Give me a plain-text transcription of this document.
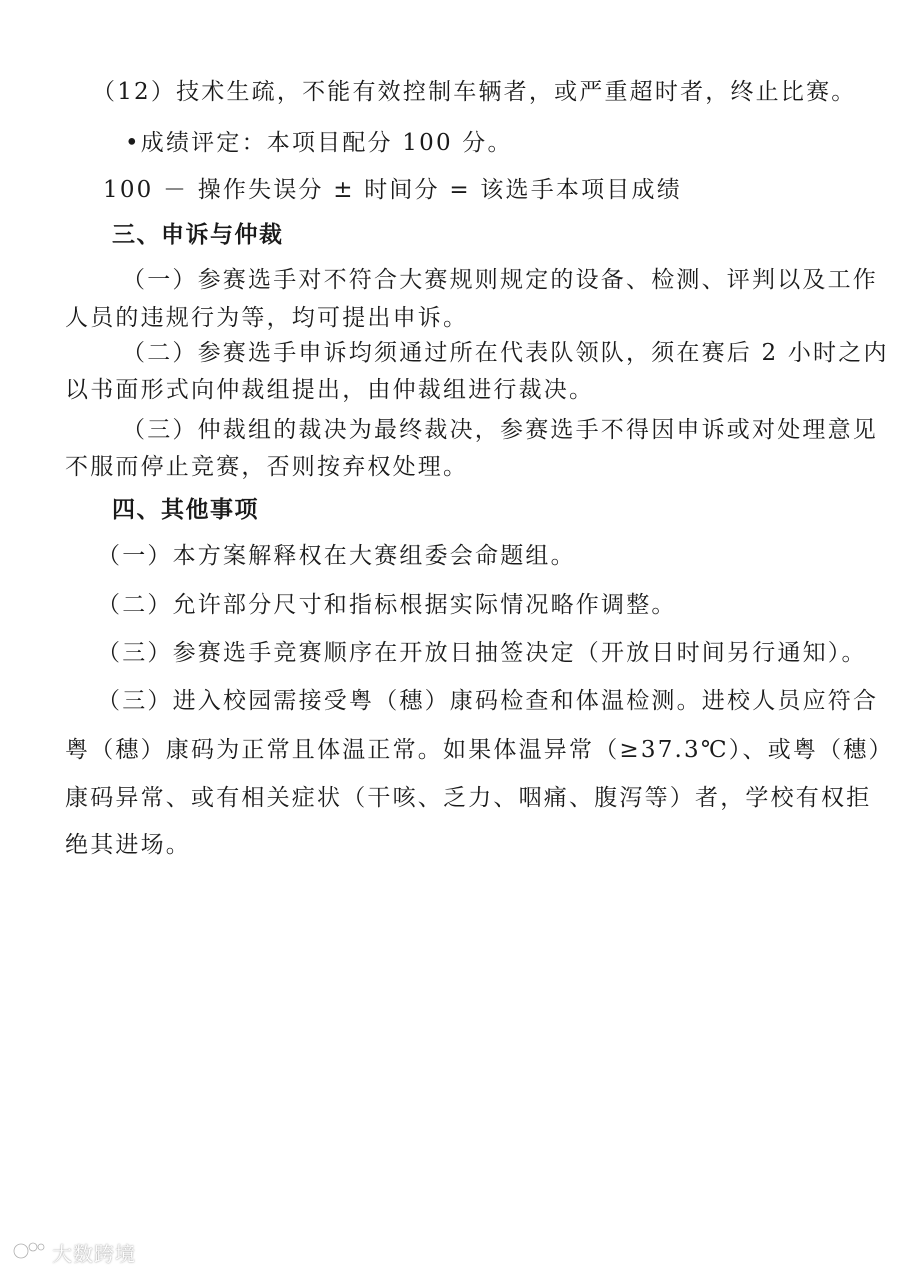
（12）技术生疏，不能有效控制车辆者，或严重超时者，终止比赛。
•成绩评定：本项目配分 100 分。
100 － 操作失误分 ± 时间分 = 该选手本项目成绩
三、申诉与仲裁
（一）参赛选手对不符合大赛规则规定的设备、检测、评判以及工作
人员的违规行为等，均可提出申诉。
（二）参赛选手申诉均须通过所在代表队领队，须在赛后 2 小时之内
以书面形式向仲裁组提出，由仲裁组进行裁决。
（三）仲裁组的裁决为最终裁决，参赛选手不得因申诉或对处理意见
不服而停止竞赛，否则按弃权处理。
四、其他事项
（一）本方案解释权在大赛组委会命题组。
（二）允许部分尺寸和指标根据实际情况略作调整。
（三）参赛选手竞赛顺序在开放日抽签决定（开放日时间另行通知）。
（三）进入校园需接受粤（穗）康码检查和体温检测。进校人员应符合
粤（穗）康码为正常且体温正常。如果体温异常（≥37.3℃）、或粤（穗）
康码异常、或有相关症状（干咳、乏力、咽痛、腹泻等）者，学校有权拒
绝其进场。
大数跨境
